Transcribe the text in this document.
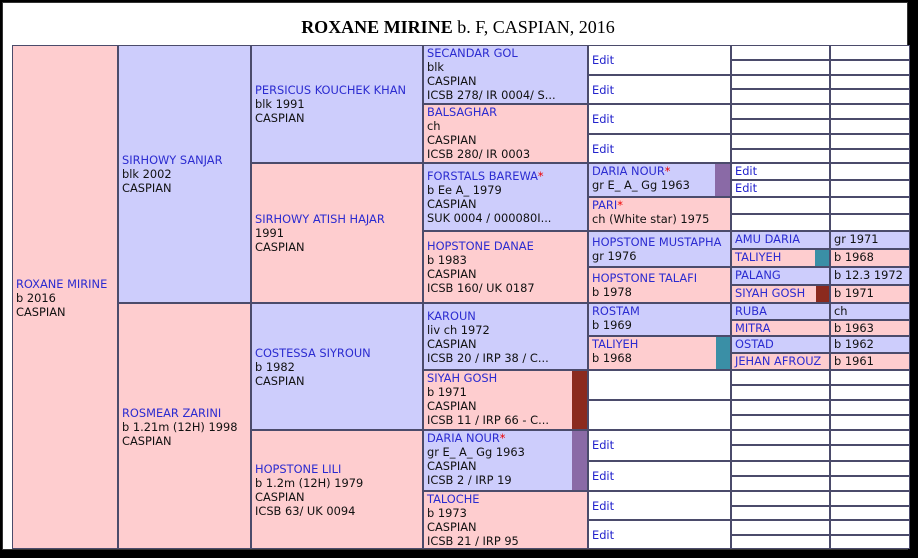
ROXANE MIRINE b. F, CASPIAN, 2016
ROXANE MIRINE
b 2016
CASPIAN
SIRHOWY SANJAR
blk 2002
CASPIAN
ROSMEAR ZARINI
b 1.21m (12H) 1998
CASPIAN
PERSICUS KOUCHEK KHAN
blk 1991
CASPIAN
SIRHOWY ATISH HAJAR
1991
CASPIAN
COSTESSA SIYROUN
b 1982
CASPIAN
HOPSTONE LILI
b 1.2m (12H) 1979
CASPIAN
ICSB 63/ UK 0094
SECANDAR GOL
blk
CASPIAN
ICSB 278/ IR 0004/ S...
BALSAGHAR
ch
CASPIAN
ICSB 280/ IR 0003
FORSTALS BAREWA*
b Ee A_ 1979
CASPIAN
SUK 0004 / 000080I...
HOPSTONE DANAE
b 1983
CASPIAN
ICSB 160/ UK 0187
KAROUN
liv ch 1972
CASPIAN
ICSB 20 / IRP 38 / C...
SIYAH GOSH
b 1971
CASPIAN
ICSB 11 / IRP 66 - C...
DARIA NOUR*
gr E_ A_ Gg 1963
CASPIAN
ICSB 2 / IRP 19
TALOCHE
b 1973
CASPIAN
ICSB 21 / IRP 95
Edit
Edit
Edit
Edit
DARIA NOUR*
gr E_ A_ Gg 1963
PARI*
ch (White star) 1975
HOPSTONE MUSTAPHA
gr 1976
HOPSTONE TALAFI
b 1978
ROSTAM
b 1969
TALIYEH
b 1968
Edit
Edit
Edit
Edit
Edit
Edit
AMU DARIA	gr 1971
TALIYEH	b 1968
PALANG	b 12.3 1972
SIYAH GOSH	b 1971
RUBA	ch
MITRA	b 1963
OSTAD	b 1962
JEHAN AFROUZ	b 1961
